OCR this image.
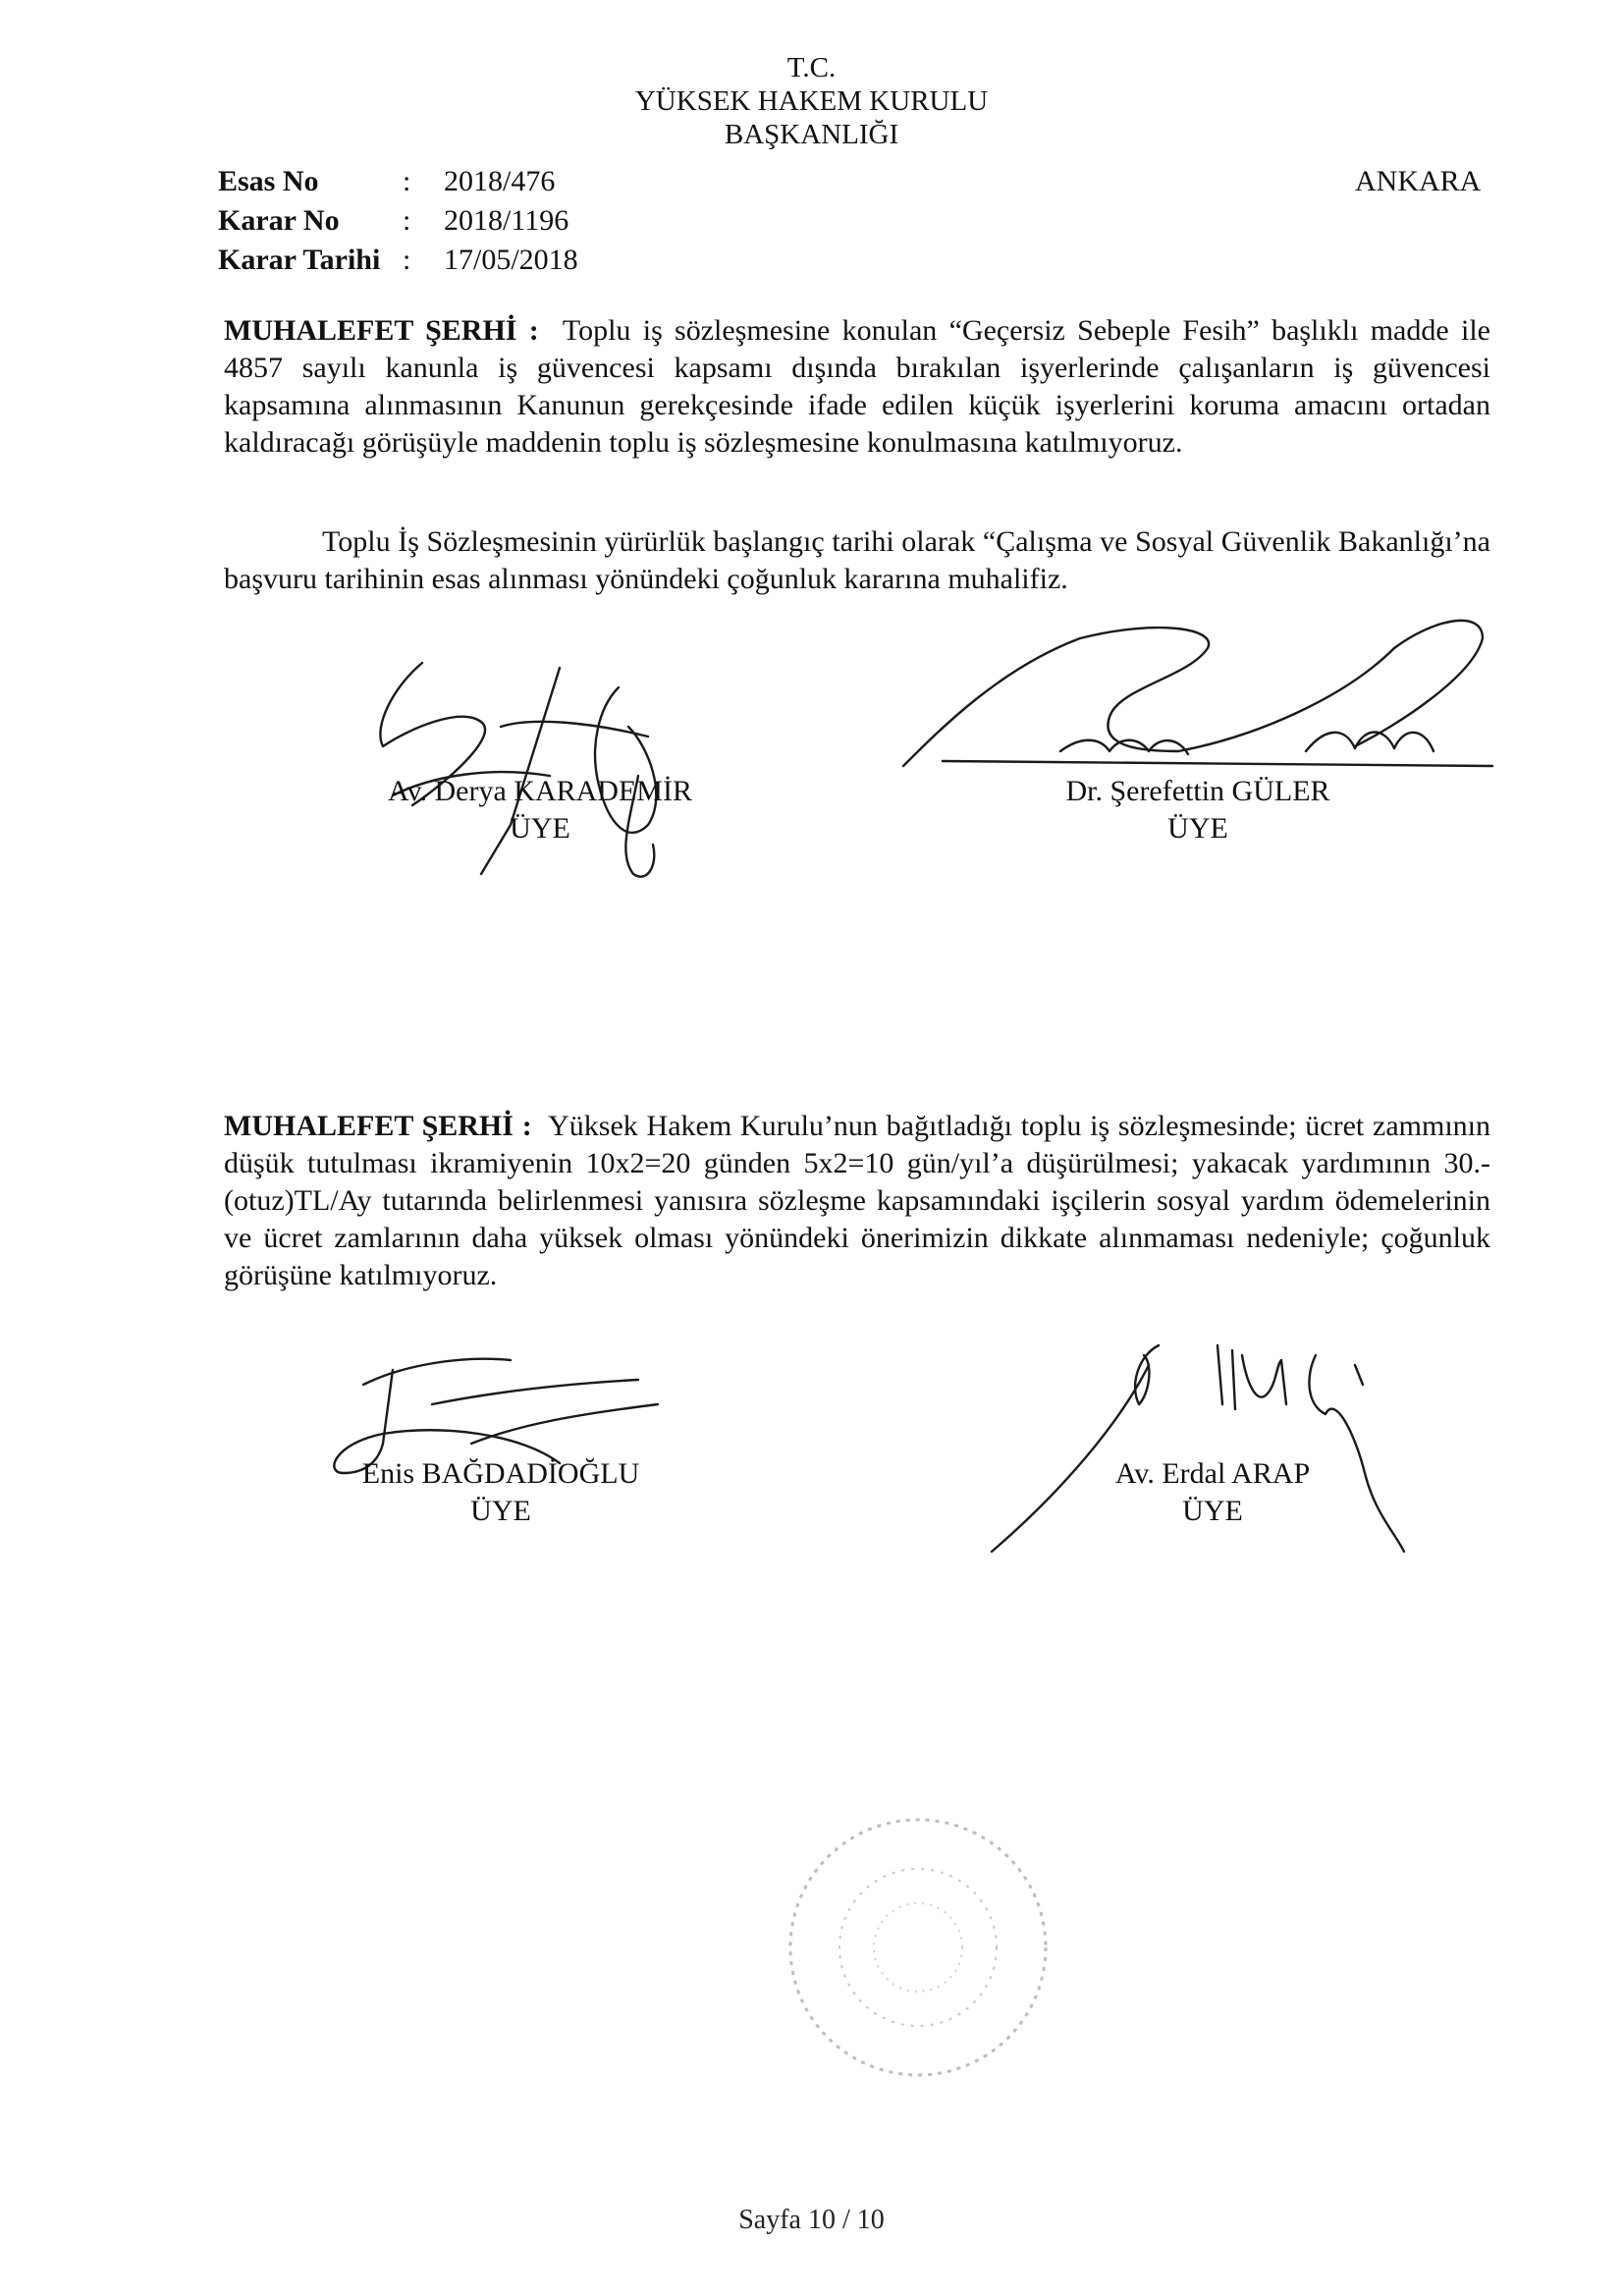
T.C.
YÜKSEK HAKEM KURULU
BAŞKANLIĞI
Esas No	:	2018/476
Karar No	:	2018/1196
Karar Tarihi :	17/05/2018
ANKARA
MUHALEFET ŞERHİ : Toplu iş sözleşmesine konulan “Geçersiz Sebeple Fesih” başlıklı madde ile 4857 sayılı kanunla iş güvencesi kapsamı dışında bırakılan işyerlerinde çalışanların iş güvencesi kapsamına alınmasının Kanunun gerekçesinde ifade edilen küçük işyerlerini koruma amacını ortadan kaldıracağı görüşüyle maddenin toplu iş sözleşmesine konulmasına katılmıyoruz.
Toplu İş Sözleşmesinin yürürlük başlangıç tarihi olarak “Çalışma ve Sosyal Güvenlik Bakanlığı’na başvuru tarihinin esas alınması yönündeki çoğunluk kararına muhalifiz.
Av. Derya KARADEMİR
ÜYE
Dr. Şerefettin GÜLER
ÜYE
MUHALEFET ŞERHİ : Yüksek Hakem Kurulu’nun bağıtladığı toplu iş sözleşmesinde; ücret zammının düşük tutulması ikramiyenin 10x2=20 günden 5x2=10 gün/yıl’a düşürülmesi; yakacak yardımının 30.-(otuz)TL/Ay tutarında belirlenmesi yanısıra sözleşme kapsamındaki işçilerin sosyal yardım ödemelerinin ve ücret zamlarının daha yüksek olması yönündeki önerimizin dikkate alınmaması nedeniyle; çoğunluk görüşüne katılmıyoruz.
Enis BAĞDADİOĞLU
ÜYE
Av. Erdal ARAP
ÜYE
Sayfa 10 / 10
